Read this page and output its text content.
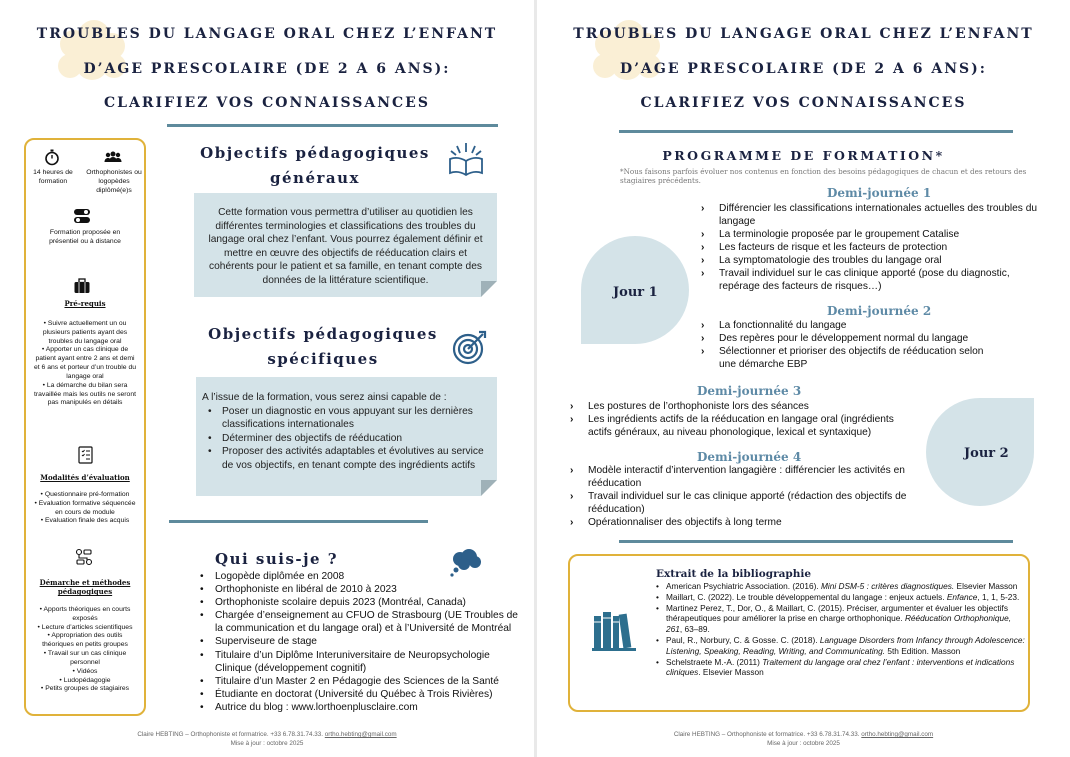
TROUBLES DU LANGAGE ORAL CHEZ L’ENFANT
D’AGE PRESCOLAIRE (DE 2 A 6 ANS):
CLARIFIEZ VOS CONNAISSANCES
14 heures de formation
Orthophonistes ou logopèdes diplômé(e)s
Formation proposée en présentiel ou à distance
Pré-requis
• Suivre actuellement un ou plusieurs patients ayant des troubles du langage oral
• Apporter un cas clinique de patient ayant entre 2 ans et demi et 6 ans et porteur d’un trouble du langage oral
• La démarche du bilan sera travaillée mais les outils ne seront pas manipulés en détails
Modalités d’évaluation
• Questionnaire pré-formation
• Evaluation formative séquencée en cours de module
• Evaluation finale des acquis
Démarche et méthodes pédagogiques
• Apports théoriques en courts exposés
• Lecture d’articles scientifiques
• Appropriation des outils théoriques en petits groupes
• Travail sur un cas clinique personnel
• Vidéos
• Ludopédagogie
• Petits groupes de stagiaires
Objectifs pédagogiques
généraux
Cette formation vous permettra d’utiliser au quotidien les différentes terminologies et classifications des troubles du langage oral chez l’enfant. Vous pourrez également définir et mettre en œuvre des objectifs de rééducation clairs et cohérents pour le patient et sa famille, en tenant compte des données de la littérature scientifique.
Objectifs pédagogiques
spécifiques
A l’issue de la formation, vous serez ainsi capable de :
• Poser un diagnostic en vous appuyant sur les dernières classifications internationales
• Déterminer des objectifs de rééducation
• Proposer des activités adaptables et évolutives au service de vos objectifs, en tenant compte des ingrédients actifs
Qui suis-je ?
• Logopède diplômée en 2008
• Orthophoniste en libéral de 2010 à 2023
• Orthophoniste scolaire depuis 2023 (Montréal, Canada)
• Chargée d’enseignement au CFUO de Strasbourg (UE Troubles de la communication et du langage oral) et à l’Université de Montréal
• Superviseure de stage
• Titulaire d’un Diplôme Interuniversitaire de Neuropsychologie Clinique (développement cognitif)
• Titulaire d’un Master 2 en Pédagogie des Sciences de la Santé
• Étudiante en doctorat (Université du Québec à Trois Rivières)
• Autrice du blog : www.lorthoenplusclaire.com
Claire HEBTING – Orthophoniste et formatrice. +33 6.78.31.74.33. ortho.hebting@gmail.com
Mise à jour : octobre 2025
TROUBLES DU LANGAGE ORAL CHEZ L’ENFANT
D’AGE PRESCOLAIRE (DE 2 A 6 ANS):
CLARIFIEZ VOS CONNAISSANCES
PROGRAMME DE FORMATION*
*Nous faisons parfois évoluer nos contenus en fonction des besoins pédagogiques de chacun et des retours des stagiaires précédents.
Jour 1
Demi-journée 1
› Différencier les classifications internationales actuelles des troubles du langage
› La terminologie proposée par le groupement Catalise
› Les facteurs de risque et les facteurs de protection
› La symptomatologie des troubles du langage oral
› Travail individuel sur le cas clinique apporté (pose du diagnostic, repérage des facteurs de risques…)
Demi-journée 2
› La fonctionnalité du langage
› Des repères pour le développement normal du langage
› Sélectionner et prioriser des objectifs de rééducation selon une démarche EBP
Demi-journée 3
› Les postures de l’orthophoniste lors des séances
› Les ingrédients actifs de la rééducation en langage oral (ingrédients actifs généraux, au niveau phonologique, lexical et syntaxique)
Jour 2
Demi-journée 4
› Modèle interactif d’intervention langagière : différencier les activités en rééducation
› Travail individuel sur le cas clinique apporté (rédaction des objectifs de rééducation)
› Opérationnaliser des objectifs à long terme
Claire HEBTING – Orthophoniste et formatrice. +33 6.78.31.74.33. ortho.hebting@gmail.com
Mise à jour : octobre 2025
Extrait de la bibliographie
• American Psychiatric Association. (2016). Mini DSM-5 : critères diagnostiques. Elsevier Masson
• Maillart, C. (2022). Le trouble développemental du langage : enjeux actuels. Enfance, 1, 1, 5-23.
• Martinez Perez, T., Dor, O., & Maillart, C. (2015). Préciser, argumenter et évaluer les objectifs thérapeutiques pour améliorer la prise en charge orthophonique. Rééducation Orthophonique, 261, 63–89.
• Paul, R., Norbury, C. & Gosse. C. (2018). Language Disorders from Infancy through Adolescence: Listening, Speaking, Reading, Writing, and Communicating. 5th Edition. Masson
• Schelstraete M.-A. (2011) Traitement du langage oral chez l’enfant : interventions et indications cliniques. Elsevier Masson
